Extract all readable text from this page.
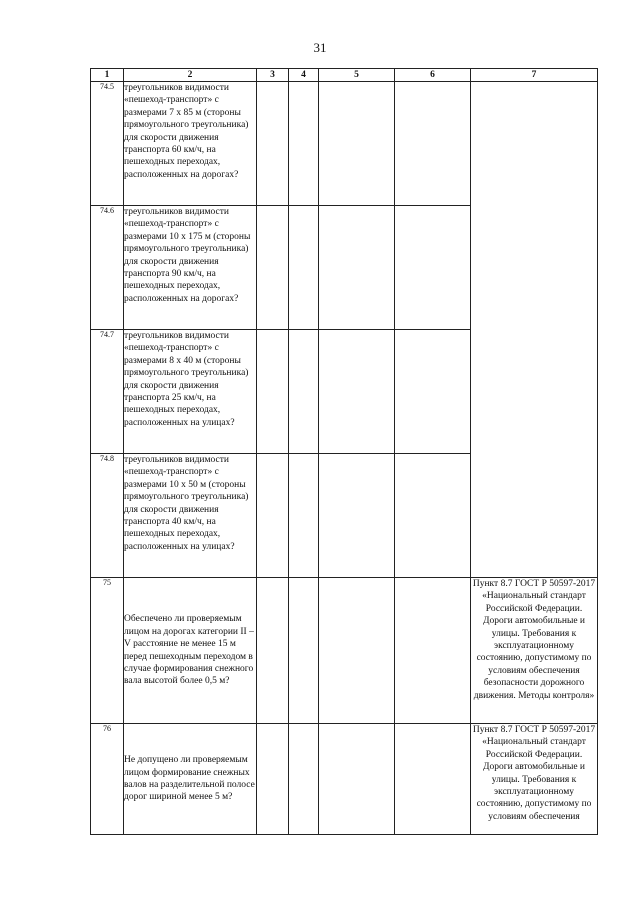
31
1	2	3	4	5	6	7
74.5	треугольников видимости «пешеход-транспорт» с размерами 7 x 85 м (стороны прямоугольного треугольника) для скорости движения транспорта 60 км/ч, на пешеходных переходах, расположенных на дорогах?					
74.6	треугольников видимости «пешеход-транспорт» с размерами 10 x 175 м (стороны прямоугольного треугольника) для скорости движения транспорта 90 км/ч, на пешеходных переходах, расположенных на дорогах?					
74.7	треугольников видимости «пешеход-транспорт» с размерами 8 x 40 м (стороны прямоугольного треугольника) для скорости движения транспорта 25 км/ч, на пешеходных переходах, расположенных на улицах?					
74.8	треугольников видимости «пешеход-транспорт» с размерами 10 x 50 м (стороны прямоугольного треугольника) для скорости движения транспорта 40 км/ч, на пешеходных переходах, расположенных на улицах?					
75	Обеспечено ли проверяемым лицом на дорогах категории II – V расстояние не менее 15 м перед пешеходным переходом в случае формирования снежного вала высотой более 0,5 м?					Пункт 8.7 ГОСТ Р 50597-2017 «Национальный стандарт Российской Федерации. Дороги автомобильные и улицы. Требования к эксплуатационному состоянию, допустимому по условиям обеспечения безопасности дорожного движения. Методы контроля»
76	Не допущено ли проверяемым лицом формирование снежных валов на разделительной полосе дорог шириной менее 5 м?					Пункт 8.7 ГОСТ Р 50597-2017 «Национальный стандарт Российской Федерации. Дороги автомобильные и улицы. Требования к эксплуатационному состоянию, допустимому по условиям обеспечения
